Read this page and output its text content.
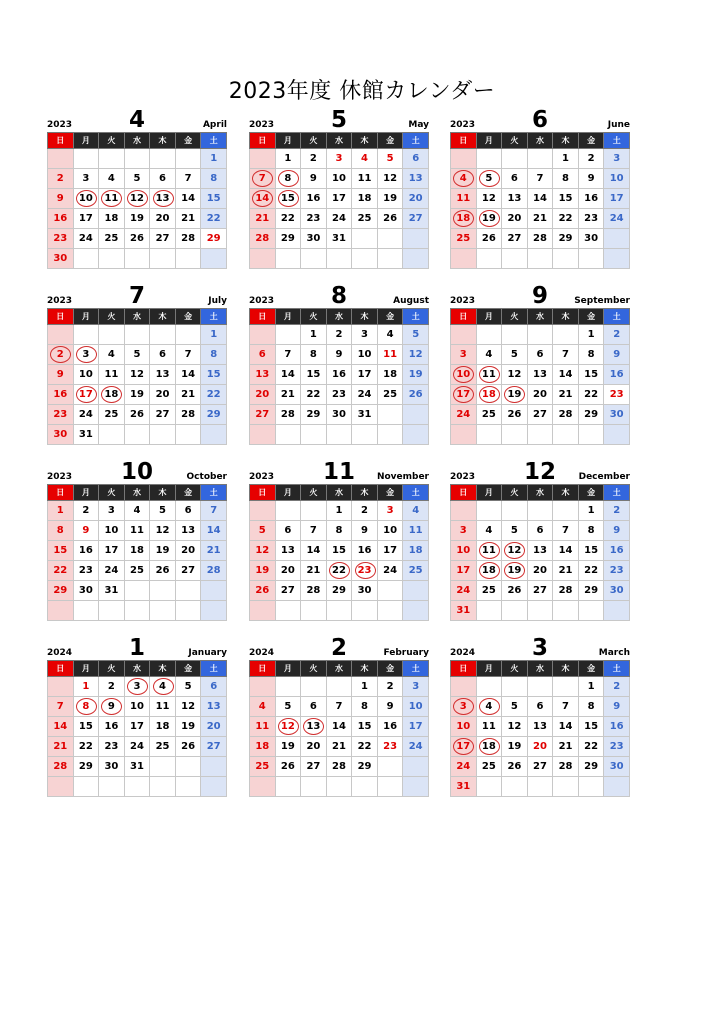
2023年度 休館カレンダー
2023	4	April
日	月	火	水	木	金	土
						1
2	3	4	5	6	7	8
9	10	11	12	13	14	15
16	17	18	19	20	21	22
23	24	25	26	27	28	29
30						
2023	5	May
日	月	火	水	木	金	土
	1	2	3	4	5	6
7	8	9	10	11	12	13
14	15	16	17	18	19	20
21	22	23	24	25	26	27
28	29	30	31			

2023	6	June
日	月	火	水	木	金	土
				1	2	3
4	5	6	7	8	9	10
11	12	13	14	15	16	17
18	19	20	21	22	23	24
25	26	27	28	29	30	

2023	7	July
日	月	火	水	木	金	土
						1
2	3	4	5	6	7	8
9	10	11	12	13	14	15
16	17	18	19	20	21	22
23	24	25	26	27	28	29
30	31					
2023	8	August
日	月	火	水	木	金	土
		1	2	3	4	5
6	7	8	9	10	11	12
13	14	15	16	17	18	19
20	21	22	23	24	25	26
27	28	29	30	31		

2023	9	September
日	月	火	水	木	金	土
					1	2
3	4	5	6	7	8	9
10	11	12	13	14	15	16
17	18	19	20	21	22	23
24	25	26	27	28	29	30

2023	10	October
日	月	火	水	木	金	土
1	2	3	4	5	6	7
8	9	10	11	12	13	14
15	16	17	18	19	20	21
22	23	24	25	26	27	28
29	30	31				

2023	11	November
日	月	火	水	木	金	土
			1	2	3	4
5	6	7	8	9	10	11
12	13	14	15	16	17	18
19	20	21	22	23	24	25
26	27	28	29	30		

2023	12	December
日	月	火	水	木	金	土
					1	2
3	4	5	6	7	8	9
10	11	12	13	14	15	16
17	18	19	20	21	22	23
24	25	26	27	28	29	30
31						
2024	1	January
日	月	火	水	木	金	土
	1	2	3	4	5	6
7	8	9	10	11	12	13
14	15	16	17	18	19	20
21	22	23	24	25	26	27
28	29	30	31			

2024	2	February
日	月	火	水	木	金	土
				1	2	3
4	5	6	7	8	9	10
11	12	13	14	15	16	17
18	19	20	21	22	23	24
25	26	27	28	29		

2024	3	March
日	月	火	水	木	金	土
					1	2
3	4	5	6	7	8	9
10	11	12	13	14	15	16
17	18	19	20	21	22	23
24	25	26	27	28	29	30
31						
